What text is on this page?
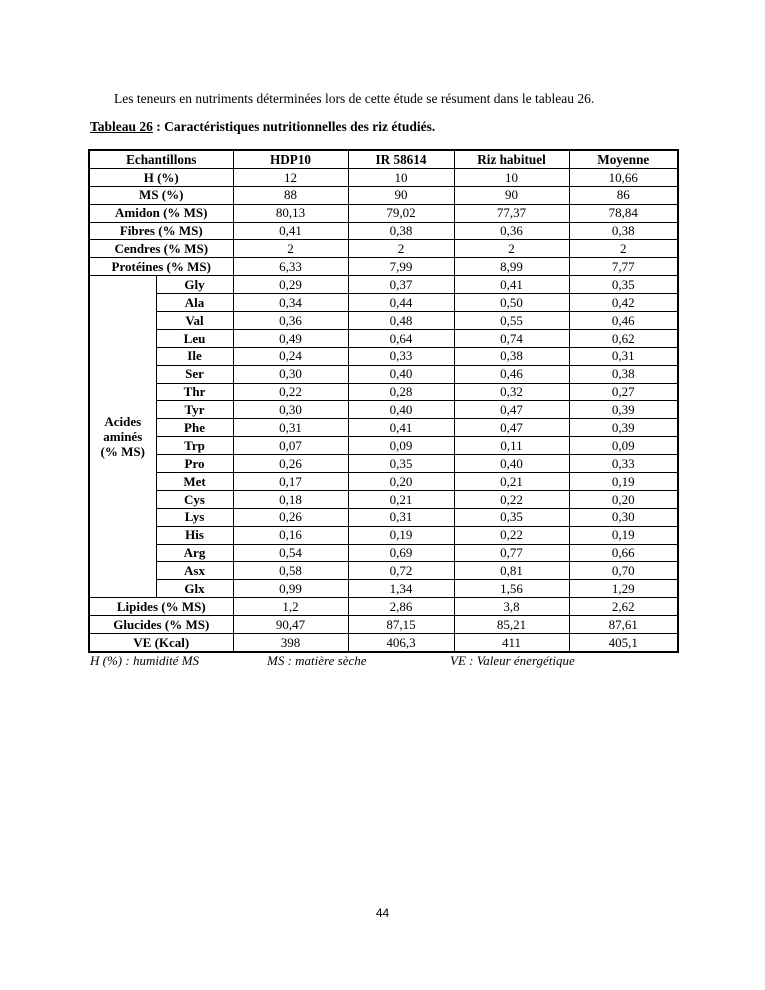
Les teneurs en nutriments déterminées lors de cette étude se résument dans le tableau 26.
Tableau 26 : Caractéristiques nutritionnelles des riz étudiés.
Echantillons		HDP10	IR 58614	Riz habituel	Moyenne
H (%)		12	10	10	10,66
MS (%)		88	90	90	86
Amidon (% MS)		80,13	79,02	77,37	78,84
Fibres (% MS)		0,41	0,38	0,36	0,38
Cendres (% MS)		2	2	2	2
Protéines (% MS)		6,33	7,99	8,99	7,77

Acides
aminés
(% MS)	Gly	0,29	0,37	0,41	0,35
	Ala	0,34	0,44	0,50	0,42
	Val	0,36	0,48	0,55	0,46
	Leu	0,49	0,64	0,74	0,62
	Ile	0,24	0,33	0,38	0,31
	Ser	0,30	0,40	0,46	0,38
	Thr	0,22	0,28	0,32	0,27
	Tyr	0,30	0,40	0,47	0,39
	Phe	0,31	0,41	0,47	0,39
	Trp	0,07	0,09	0,11	0,09
	Pro	0,26	0,35	0,40	0,33
	Met	0,17	0,20	0,21	0,19
	Cys	0,18	0,21	0,22	0,20
	Lys	0,26	0,31	0,35	0,30
	His	0,16	0,19	0,22	0,19
	Arg	0,54	0,69	0,77	0,66
	Asx	0,58	0,72	0,81	0,70
	Glx	0,99	1,34	1,56	1,29
Lipides (% MS)		1,2	2,86	3,8	2,62
Glucides (% MS)		90,47	87,15	85,21	87,61
VE (Kcal)		398	406,3	411	405,1
H (%) : humidité MS	MS : matière sèche	VE : Valeur énergétique
44
